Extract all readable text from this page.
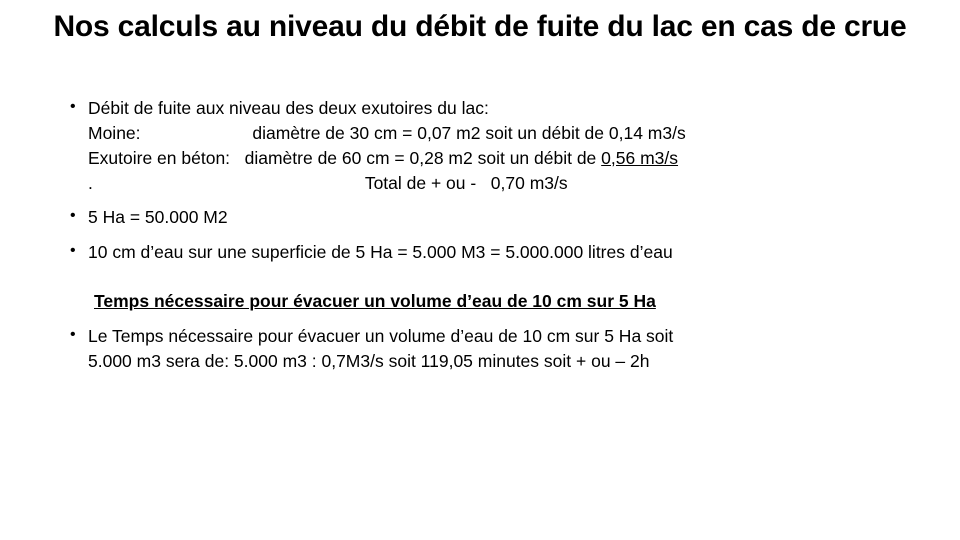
Nos calculs au niveau du débit de fuite du lac en cas de crue
• Débit de fuite aux niveau des deux exutoires du lac:
Moine:                       diamètre de 30 cm = 0,07 m2 soit un débit de 0,14 m3/s
Exutoire en béton:   diamètre de 60 cm = 0,28 m2 soit un débit de 0,56 m3/s
.                                                        Total de + ou -   0,70 m3/s
• 5 Ha = 50.000 M2
• 10 cm d’eau sur une superficie de 5 Ha = 5.000 M3 = 5.000.000 litres d’eau
Temps nécessaire pour évacuer un volume d’eau de 10 cm sur 5 Ha
• Le Temps nécessaire pour évacuer un volume d’eau de 10 cm sur 5 Ha soit
5.000 m3 sera de: 5.000 m3 : 0,7M3/s soit 119,05 minutes soit + ou – 2h
